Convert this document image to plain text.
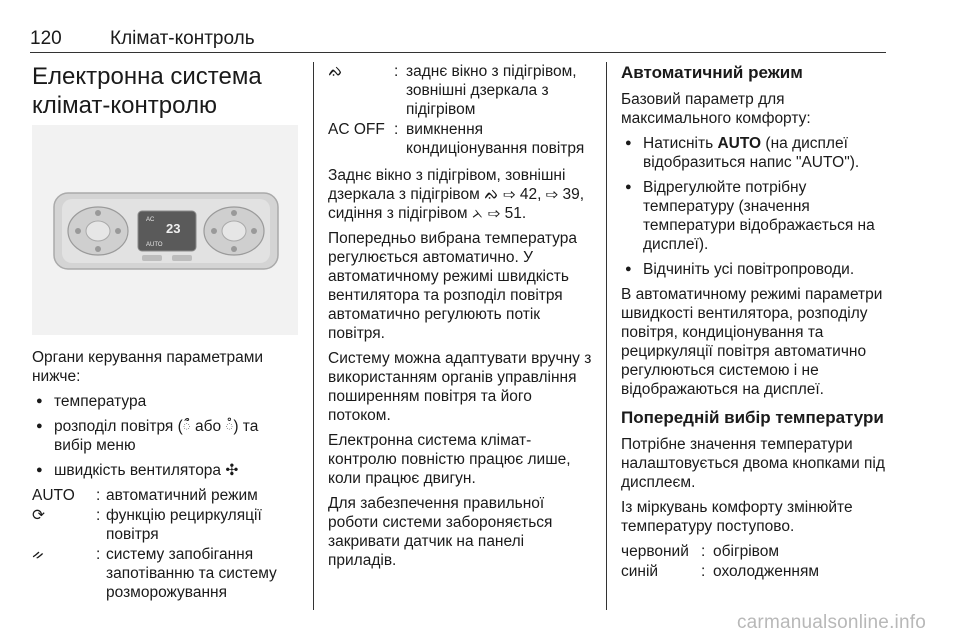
120	Клімат-контроль
Електронна система
клімат-контролю
AC
23
AUTO
Органи керування параметрами нижче:
● температура
● розподіл повітря (ᰰ або ᰱ) та вибір меню
● швидкість вентилятора ✣
AUTO	: автоматичний режим
⟳	: функцію рециркуляції повітря
ᨀ	: систему запобігання запотіванню та систему розморожування
ᨁ	: заднє вікно з підігрівом, зовнішні дзеркала з підігрівом
AC OFF : вимкнення кондиціонування повітря
Заднє вікно з підігрівом, зовнішні дзеркала з підігрівом ᨁ ⇨ 42, ⇨ 39, сидіння з підігрівом ᨂ ⇨ 51.
Попередньо вибрана температура регулюється автоматично. У автоматичному режимі швидкість вентилятора та розподіл повітря автоматично регулюють потік повітря.
Систему можна адаптувати вручну з використанням органів управління поширенням повітря та його потоком.
Електронна система клімат-контролю повністю працює лише, коли працює двигун.
Для забезпечення правильної роботи системи забороняється закривати датчик на панелі приладів.
Автоматичний режим
Базовий параметр для максимального комфорту:
● Натисніть AUTO (на дисплеї відобразиться напис "AUTO").
● Відрегулюйте потрібну температуру (значення температури відображається на дисплеї).
● Відчиніть усі повітропроводи.
В автоматичному режимі параметри швидкості вентилятора, розподілу повітря, кондиціонування та рециркуляції повітря автоматично регулюються системою і не відображаються на дисплеї.
Попередній вибір температури
Потрібне значення температури налаштовується двома кнопками під дисплеєм.
Із міркувань комфорту змінюйте температуру поступово.
червоний : обігрівом
синій	: охолодженням
carmanualsonline.info
